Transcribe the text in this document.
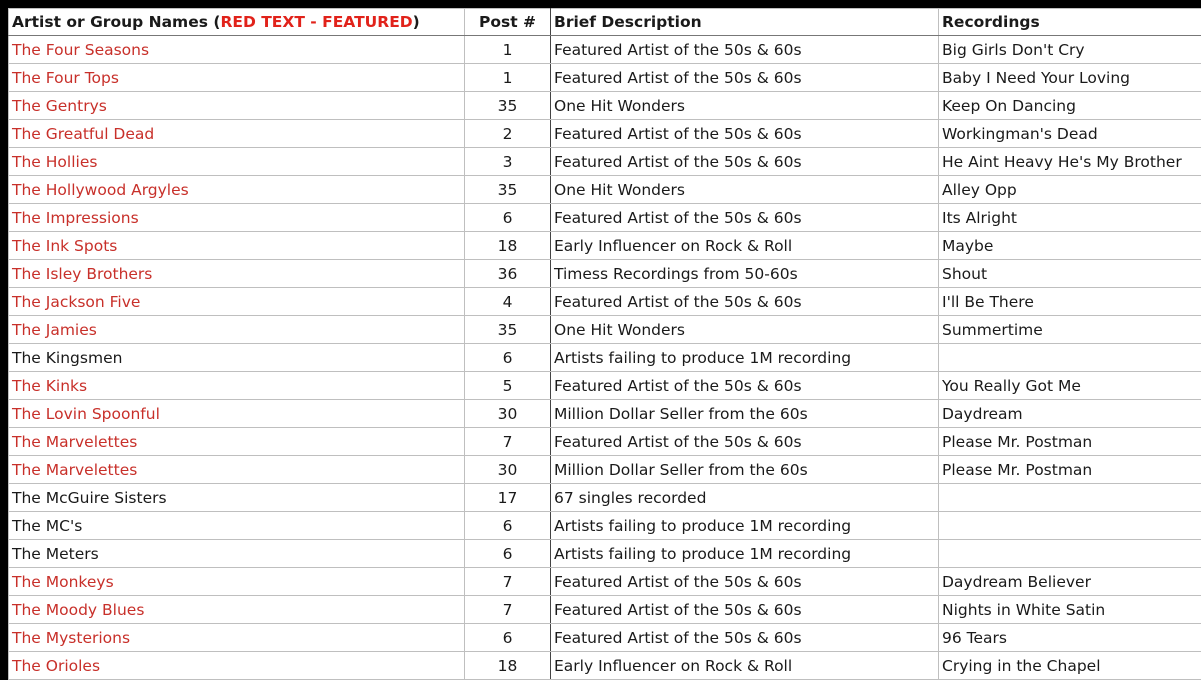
Artist or Group Names (RED TEXT - FEATURED)	Post #	Brief Description	Recordings
The Four Seasons	1	Featured Artist of the 50s & 60s	Big Girls Don't Cry
The Four Tops	1	Featured Artist of the 50s & 60s	Baby I Need Your Loving
The Gentrys	35	One Hit Wonders	Keep On Dancing
The Greatful Dead	2	Featured Artist of the 50s & 60s	Workingman's Dead
The Hollies	3	Featured Artist of the 50s & 60s	He Aint Heavy He's My Brother
The Hollywood Argyles	35	One Hit Wonders	Alley Opp
The Impressions	6	Featured Artist of the 50s & 60s	Its Alright
The Ink Spots	18	Early Influencer on Rock & Roll	Maybe
The Isley Brothers	36	Timess Recordings from 50-60s	Shout
The Jackson Five	4	Featured Artist of the 50s & 60s	I'll Be There
The Jamies	35	One Hit Wonders	Summertime
The Kingsmen	6	Artists failing to produce 1M recording	
The Kinks	5	Featured Artist of the 50s & 60s	You Really Got Me
The Lovin Spoonful	30	Million Dollar Seller from the 60s	Daydream
The Marvelettes	7	Featured Artist of the 50s & 60s	Please Mr. Postman
The Marvelettes	30	Million Dollar Seller from the 60s	Please Mr. Postman
The McGuire Sisters	17	67 singles recorded	
The MC's	6	Artists failing to produce 1M recording	
The Meters	6	Artists failing to produce 1M recording	
The Monkeys	7	Featured Artist of the 50s & 60s	Daydream Believer
The Moody Blues	7	Featured Artist of the 50s & 60s	Nights in White Satin
The Mysterions	6	Featured Artist of the 50s & 60s	96 Tears
The Orioles	18	Early Influencer on Rock & Roll	Crying in the Chapel
